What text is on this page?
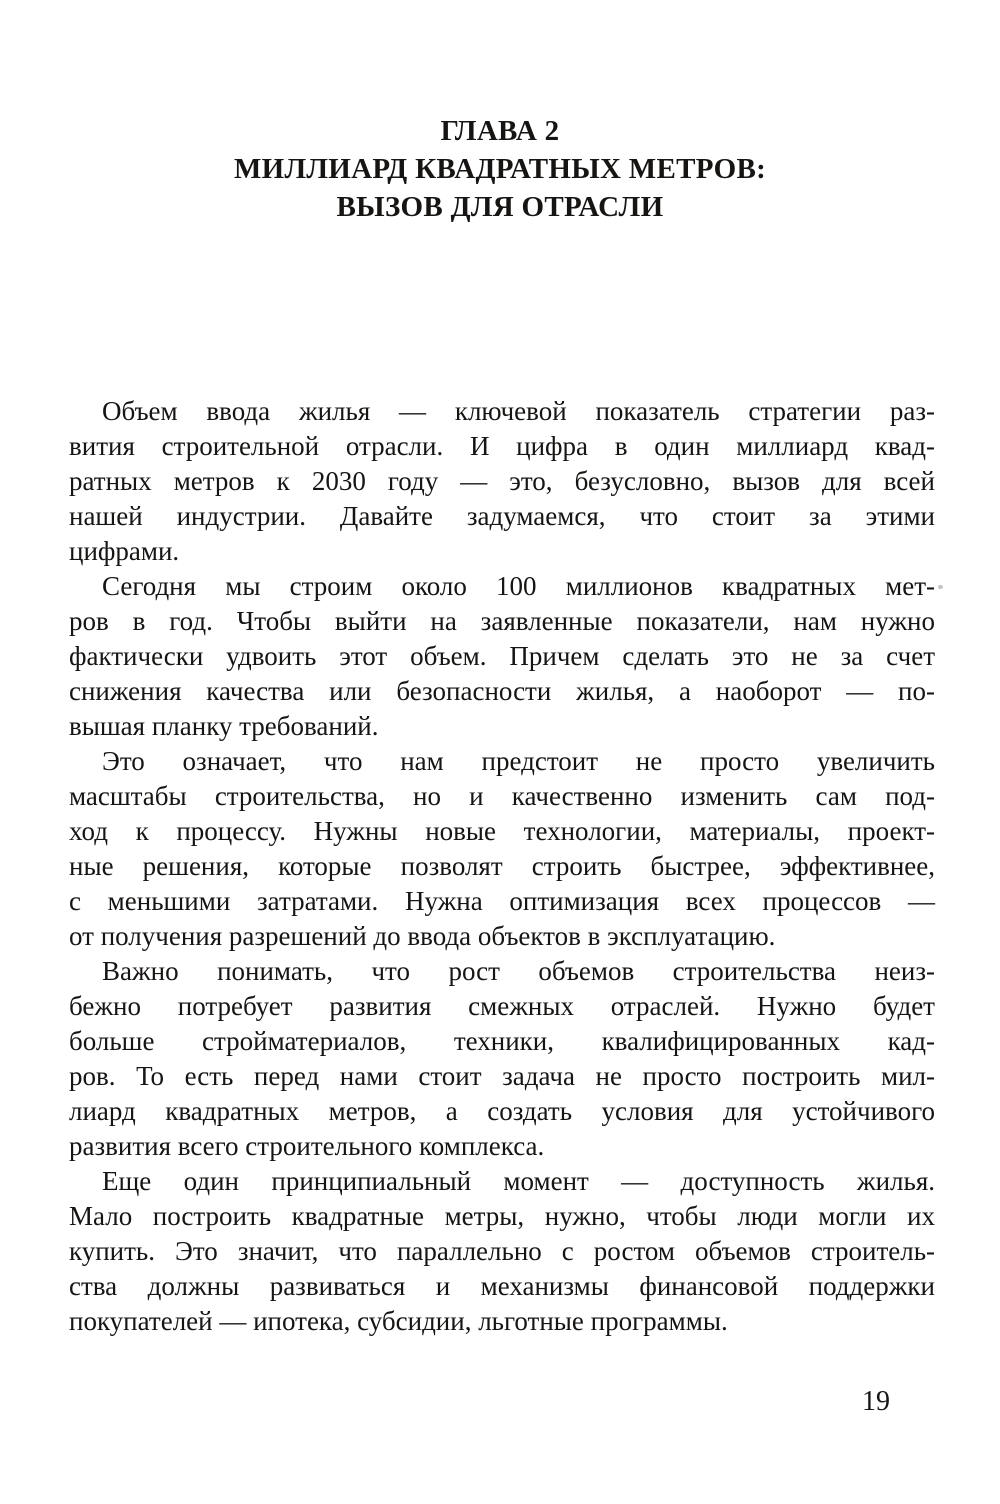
ГЛАВА 2
МИЛЛИАРД КВАДРАТНЫХ МЕТРОВ:
ВЫЗОВ ДЛЯ ОТРАСЛИ
Объем ввода жилья — ключевой показатель стратегии раз-
вития строительной отрасли. И цифра в один миллиард квад-
ратных метров к 2030 году — это, безусловно, вызов для всей
нашей индустрии. Давайте задумаемся, что стоит за этими
цифрами.
Сегодня мы строим около 100 миллионов квадратных мет-
ров в год. Чтобы выйти на заявленные показатели, нам нужно
фактически удвоить этот объем. Причем сделать это не за счет
снижения качества или безопасности жилья, а наоборот — по-
вышая планку требований.
Это означает, что нам предстоит не просто увеличить
масштабы строительства, но и качественно изменить сам под-
ход к процессу. Нужны новые технологии, материалы, проект-
ные решения, которые позволят строить быстрее, эффективнее,
с меньшими затратами. Нужна оптимизация всех процессов —
от получения разрешений до ввода объектов в эксплуатацию.
Важно понимать, что рост объемов строительства неиз-
бежно потребует развития смежных отраслей. Нужно будет
больше стройматериалов, техники, квалифицированных кад-
ров. То есть перед нами стоит задача не просто построить мил-
лиард квадратных метров, а создать условия для устойчивого
развития всего строительного комплекса.
Еще один принципиальный момент — доступность жилья.
Мало построить квадратные метры, нужно, чтобы люди могли их
купить. Это значит, что параллельно с ростом объемов строитель-
ства должны развиваться и механизмы финансовой поддержки
покупателей — ипотека, субсидии, льготные программы.
19
